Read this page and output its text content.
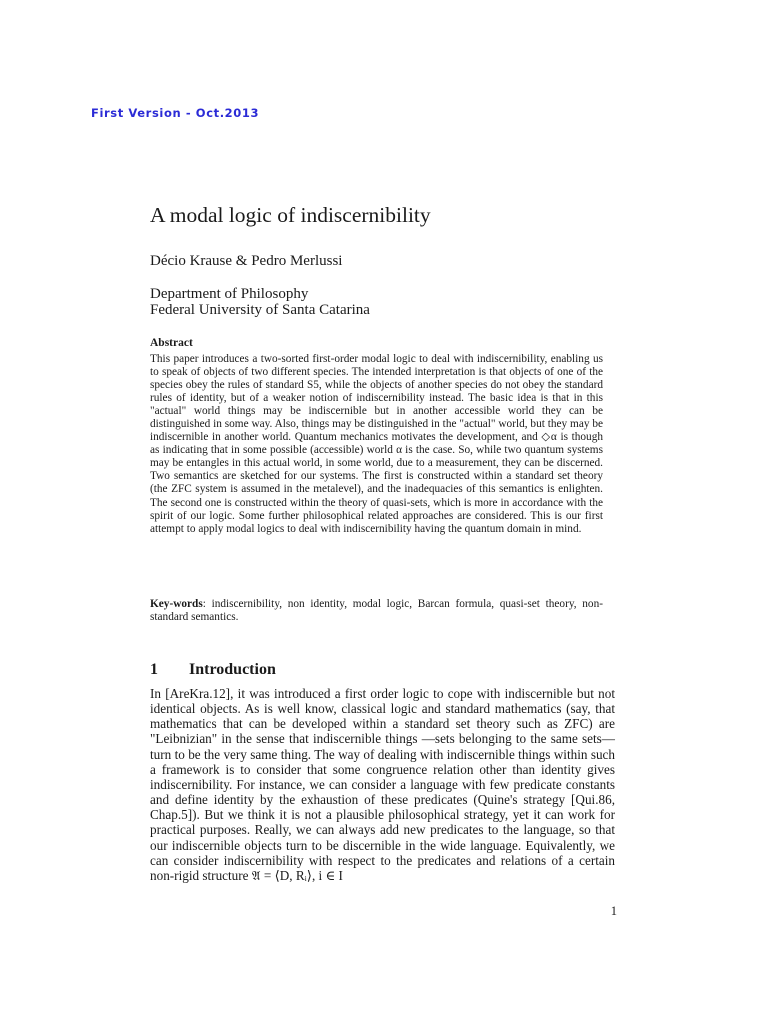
First Version - Oct.2013
A modal logic of indiscernibility
Décio Krause & Pedro Merlussi
Department of Philosophy
Federal University of Santa Catarina
Abstract

This paper introduces a two-sorted first-order modal logic to deal with indiscernibility, enabling us to speak of objects of two different species. The intended interpretation is that objects of one of the species obey the rules of standard S5, while the objects of another species do not obey the standard rules of identity, but of a weaker notion of indiscernibility instead. The basic idea is that in this "actual" world things may be indiscernible but in another accessible world they can be distinguished in some way. Also, things may be distinguished in the "actual" world, but they may be indiscernible in another world. Quantum mechanics motivates the development, and ◇α is though as indicating that in some possible (accessible) world α is the case. So, while two quantum systems may be entangles in this actual world, in some world, due to a measurement, they can be discerned. Two semantics are sketched for our systems. The first is constructed within a standard set theory (the ZFC system is assumed in the metalevel), and the inadequacies of this semantics is enlighten. The second one is constructed within the theory of quasi-sets, which is more in accordance with the spirit of our logic. Some further philosophical related approaches are considered. This is our first attempt to apply modal logics to deal with indiscernibility having the quantum domain in mind.

Key-words: indiscernibility, non identity, modal logic, Barcan formula, quasi-set theory, non-standard semantics.

1	Introduction

In [AreKra.12], it was introduced a first order logic to cope with indiscernible but not identical objects. As is well know, classical logic and standard mathematics (say, that mathematics that can be developed within a standard set theory such as ZFC) are "Leibnizian" in the sense that indiscernible things —sets belonging to the same sets— turn to be the very same thing. The way of dealing with indiscernible things within such a framework is to consider that some congruence relation other than identity gives indiscernibility. For instance, we can consider a language with few predicate constants and define identity by the exhaustion of these predicates (Quine's strategy [Qui.86, Chap.5]). But we think it is not a plausible philosophical strategy, yet it can work for practical purposes. Really, we can always add new predicates to the language, so that our indiscernible objects turn to be discernible in the wide language. Equivalently, we can consider indiscernibility with respect to the predicates and relations of a certain non-rigid structure 𝔄 = ⟨D, Rᵢ⟩, i ∈ I

1
